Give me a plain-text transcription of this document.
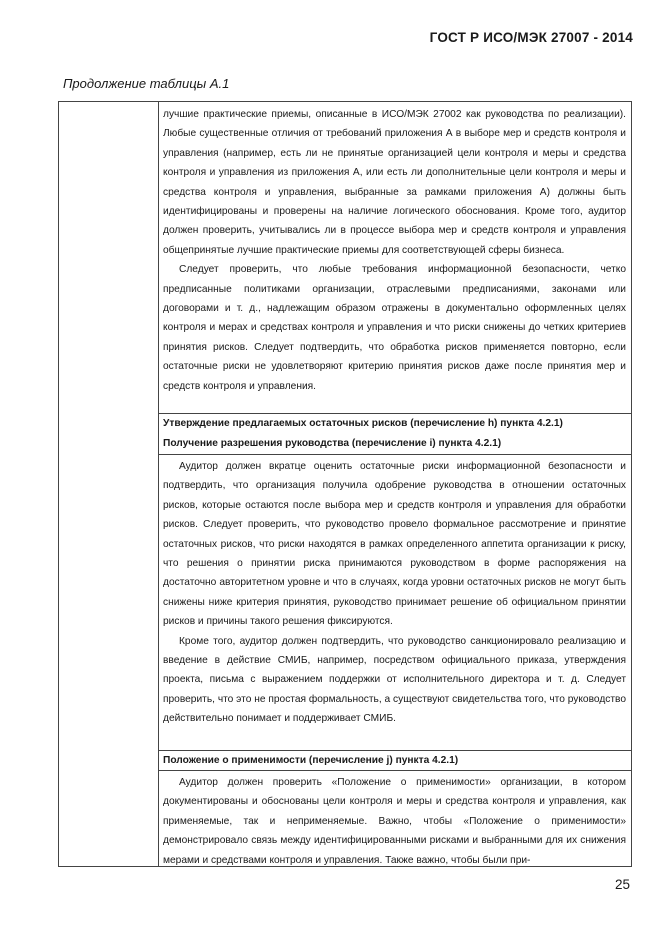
ГОСТ Р ИСО/МЭК 27007 - 2014
Продолжение таблицы А.1

лучшие практические приемы, описанные в ИСО/МЭК 27002 как руководства по реализации). Любые существенные отличия от требований приложения А в выборе мер и средств контроля и управления (например, есть ли не принятые организацией цели контроля и меры и средства контроля и управления из приложения А, или есть ли дополнительные цели контроля и меры и средства контроля и управления, выбранные за рамками приложения А) должны быть идентифицированы и проверены на наличие логического обоснования. Кроме того, аудитор должен проверить, учитывались ли в процессе выбора мер и средств контроля и управления общепринятые лучшие практические приемы для соответствующей сферы бизнеса.

Следует проверить, что любые требования информационной безопасности, четко предписанные политиками организации, отраслевыми предписаниями, законами или договорами и т. д., надлежащим образом отражены в документально оформленных целях контроля и мерах и средствах контроля и управления и что риски снижены до четких критериев принятия рисков. Следует подтвердить, что обработка рисков применяется повторно, если остаточные риски не удовлетворяют критерию принятия рисков даже после принятия мер и средств контроля и управления.

Утверждение предлагаемых остаточных рисков (перечисление h) пункта 4.2.1)
Получение разрешения руководства (перечисление i) пункта 4.2.1)

Аудитор должен вкратце оценить остаточные риски информационной безопасности и подтвердить, что организация получила одобрение руководства в отношении остаточных рисков, которые остаются после выбора мер и средств контроля и управления для обработки рисков. Следует проверить, что руководство провело формальное рассмотрение и принятие остаточных рисков, что риски находятся в рамках определенного аппетита организации к риску, что решения о принятии риска принимаются руководством в форме распоряжения на достаточно авторитетном уровне и что в случаях, когда уровни остаточных рисков не могут быть снижены ниже критерия принятия, руководство принимает решение об официальном принятии рисков и причины такого решения фиксируются.

Кроме того, аудитор должен подтвердить, что руководство санкционировало реализацию и введение в действие СМИБ, например, посредством официального приказа, утверждения проекта, письма с выражением поддержки от исполнительного директора и т. д. Следует проверить, что это не простая формальность, а существуют свидетельства того, что руководство действительно понимает и поддерживает СМИБ.

Положение о применимости (перечисление j) пункта 4.2.1)

Аудитор должен проверить «Положение о применимости» организации, в котором документированы и обоснованы цели контроля и меры и средства контроля и управления, как применяемые, так и неприменяемые. Важно, чтобы «Положение о применимости» демонстрировало связь между идентифицированными рисками и выбранными для их снижения мерами и средствами контроля и управления. Также важно, чтобы были при-

25
